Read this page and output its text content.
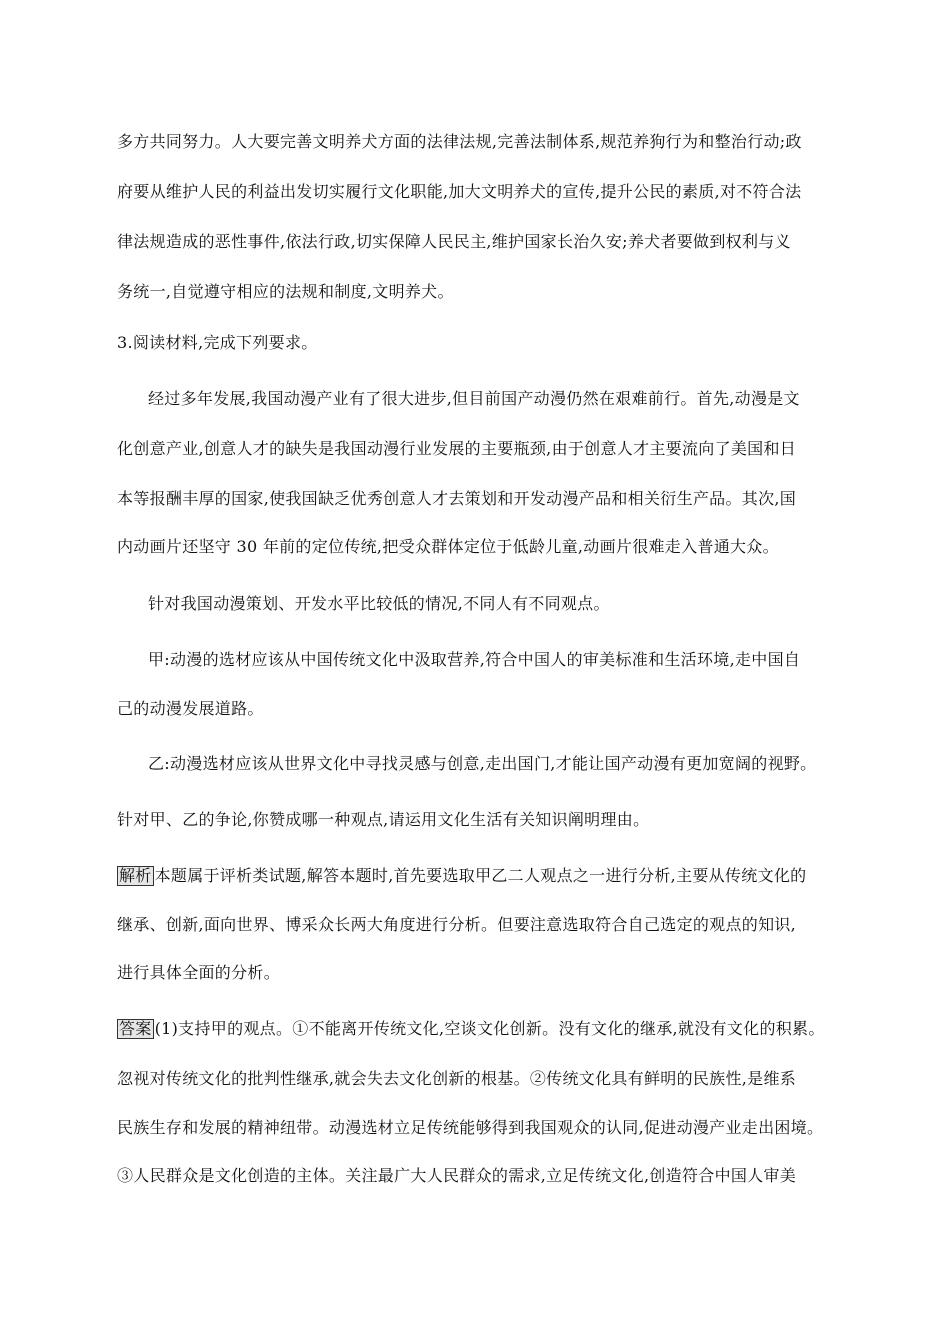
多方共同努力。人大要完善文明养犬方面的法律法规,完善法制体系,规范养狗行为和整治行动;政
府要从维护人民的利益出发切实履行文化职能,加大文明养犬的宣传,提升公民的素质,对不符合法
律法规造成的恶性事件,依法行政,切实保障人民民主,维护国家长治久安;养犬者要做到权利与义
务统一,自觉遵守相应的法规和制度,文明养犬。
3.阅读材料,完成下列要求。
经过多年发展,我国动漫产业有了很大进步,但目前国产动漫仍然在艰难前行。首先,动漫是文
化创意产业,创意人才的缺失是我国动漫行业发展的主要瓶颈,由于创意人才主要流向了美国和日
本等报酬丰厚的国家,使我国缺乏优秀创意人才去策划和开发动漫产品和相关衍生产品。其次,国
内动画片还坚守 30 年前的定位传统,把受众群体定位于低龄儿童,动画片很难走入普通大众。
针对我国动漫策划、开发水平比较低的情况,不同人有不同观点。
甲:动漫的选材应该从中国传统文化中汲取营养,符合中国人的审美标准和生活环境,走中国自
己的动漫发展道路。
乙:动漫选材应该从世界文化中寻找灵感与创意,走出国门,才能让国产动漫有更加宽阔的视野。
针对甲、乙的争论,你赞成哪一种观点,请运用文化生活有关知识阐明理由。
解析 本题属于评析类试题,解答本题时,首先要选取甲乙二人观点之一进行分析,主要从传统文化的
继承、创新,面向世界、博采众长两大角度进行分析。但要注意选取符合自己选定的观点的知识,
进行具体全面的分析。
答案 (1)支持甲的观点。①不能离开传统文化,空谈文化创新。没有文化的继承,就没有文化的积累。
忽视对传统文化的批判性继承,就会失去文化创新的根基。②传统文化具有鲜明的民族性,是维系
民族生存和发展的精神纽带。动漫选材立足传统能够得到我国观众的认同,促进动漫产业走出困境。
③人民群众是文化创造的主体。关注最广大人民群众的需求,立足传统文化,创造符合中国人审美
